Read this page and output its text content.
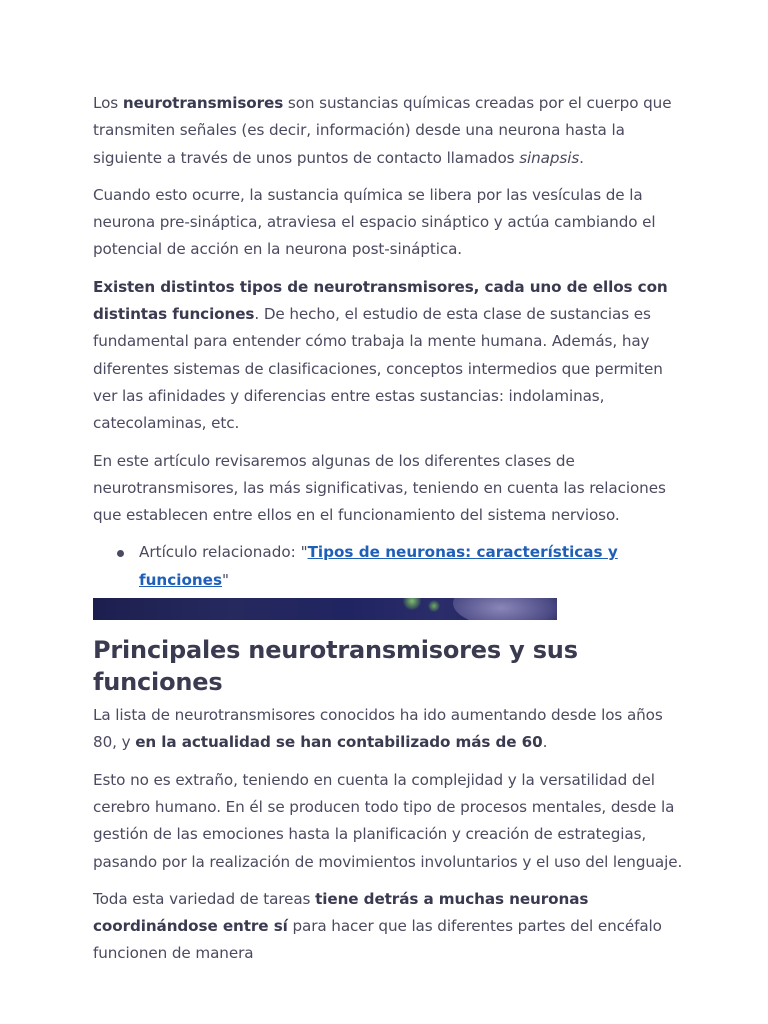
Los neurotransmisores son sustancias químicas creadas por el cuerpo que transmiten señales (es decir, información) desde una neurona hasta la siguiente a través de unos puntos de contacto llamados sinapsis.

Cuando esto ocurre, la sustancia química se libera por las vesículas de la neurona pre-sináptica, atraviesa el espacio sináptico y actúa cambiando el potencial de acción en la neurona post-sináptica.

Existen distintos tipos de neurotransmisores, cada uno de ellos con distintas funciones. De hecho, el estudio de esta clase de sustancias es fundamental para entender cómo trabaja la mente humana. Además, hay diferentes sistemas de clasificaciones, conceptos intermedios que permiten ver las afinidades y diferencias entre estas sustancias: indolaminas, catecolaminas, etc.

En este artículo revisaremos algunas de los diferentes clases de neurotransmisores, las más significativas, teniendo en cuenta las relaciones que establecen entre ellos en el funcionamiento del sistema nervioso.

Artículo relacionado: "Tipos de neuronas: características y funciones"
Principales neurotransmisores y sus funciones

La lista de neurotransmisores conocidos ha ido aumentando desde los años 80, y en la actualidad se han contabilizado más de 60.

Esto no es extraño, teniendo en cuenta la complejidad y la versatilidad del cerebro humano. En él se producen todo tipo de procesos mentales, desde la gestión de las emociones hasta la planificación y creación de estrategias, pasando por la realización de movimientos involuntarios y el uso del lenguaje.

Toda esta variedad de tareas tiene detrás a muchas neuronas coordinándose entre sí para hacer que las diferentes partes del encéfalo funcionen de manera
